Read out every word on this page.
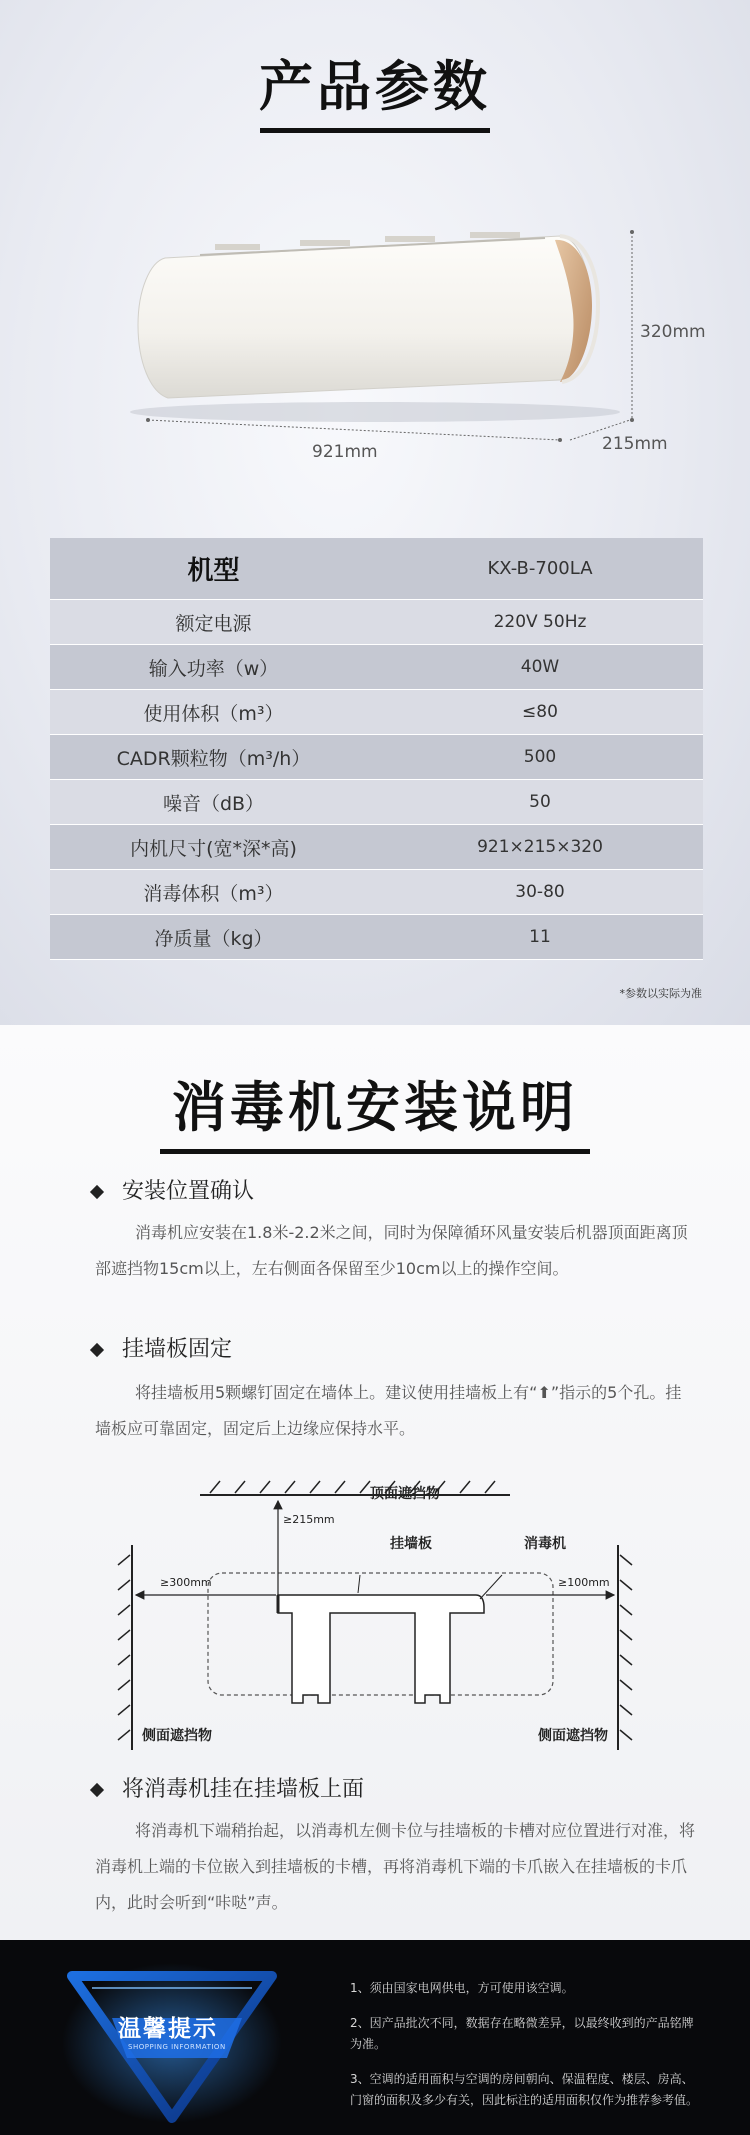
产品参数
320mm
921mm	215mm
机型	KX-B-700LA
额定电源	220V 50Hz
输入功率（w）	40W
使用体积（m³）	≤80
CADR颗粒物（m³/h）	500
噪音（dB）	50
内机尺寸(宽*深*高)	921×215×320
消毒体积（m³）	30-80
净质量（kg）	11
*参数以实际为准
消毒机安装说明
安装位置确认

消毒机应安装在1.8米-2.2米之间，同时为保障循环风量安装后机器顶面距离顶部遮挡物15cm以上，左右侧面各保留至少10cm以上的操作空间。

挂墙板固定

将挂墙板用5颗螺钉固定在墙体上。建议使用挂墙板上有“⬆”指示的5个孔。挂墙板应可靠固定，固定后上边缘应保持水平。

顶面遮挡物
≥215mm
≥300mm	≥100mm
挂墙板	消毒机
侧面遮挡物	侧面遮挡物
将消毒机挂在挂墙板上面

将消毒机下端稍抬起，以消毒机左侧卡位与挂墙板的卡槽对应位置进行对准，将消毒机上端的卡位嵌入到挂墙板的卡槽，再将消毒机下端的卡爪嵌入在挂墙板的卡爪内，此时会听到“咔哒”声。

温馨提示
SHOPPING INFORMATION
1、须由国家电网供电，方可使用该空调。
2、因产品批次不同，数据存在略微差异，以最终收到的产品铭牌为准。
3、空调的适用面积与空调的房间朝向、保温程度、楼层、房高、门窗的面积及多少有关，因此标注的适用面积仅作为推荐参考值。
